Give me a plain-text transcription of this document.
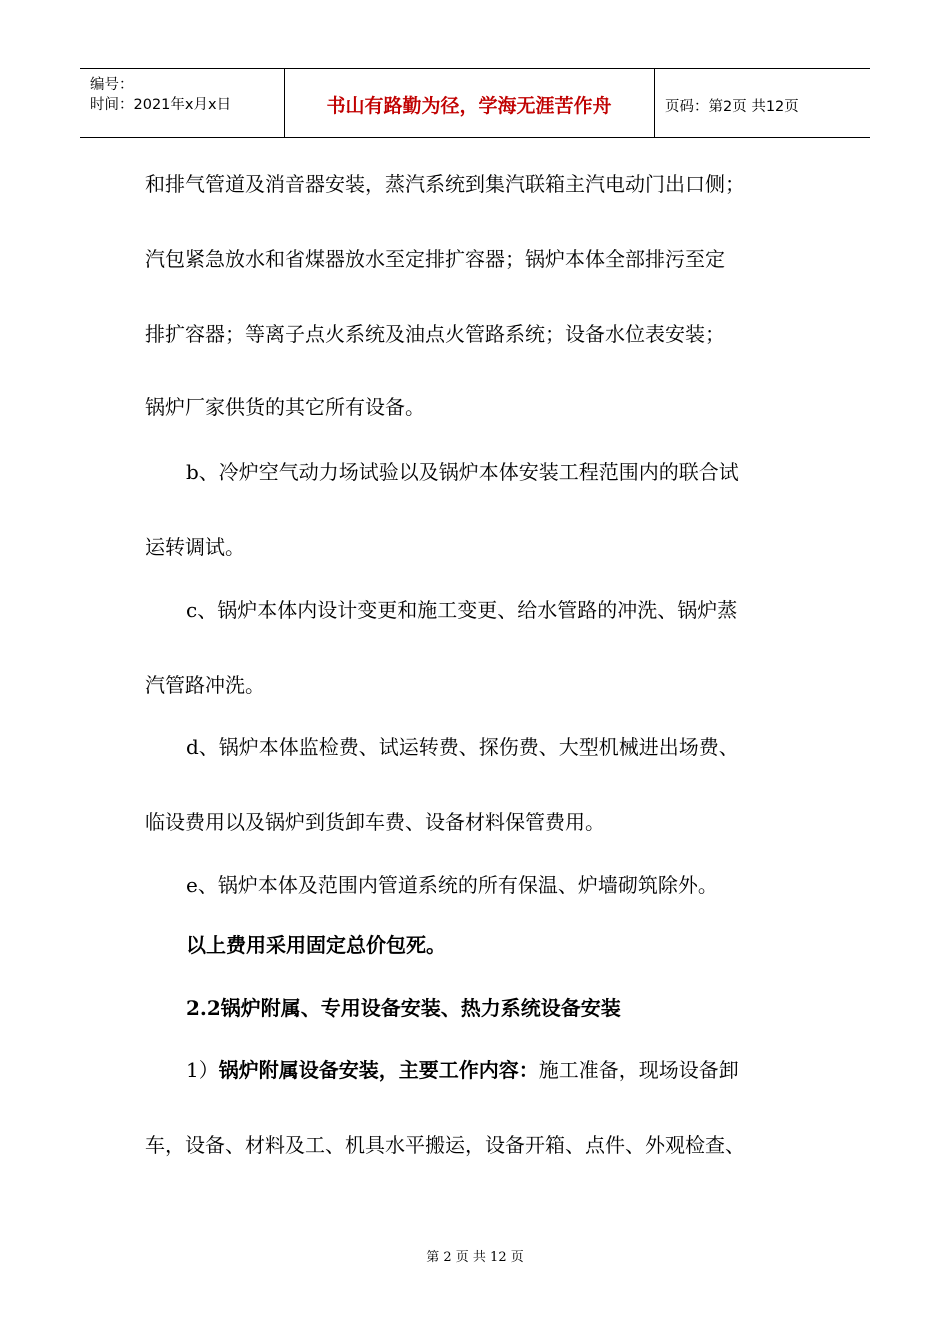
编号：
时间：2021年x月x日	书山有路勤为径，学海无涯苦作舟	页码：第2页 共12页
和排气管道及消音器安装，蒸汽系统到集汽联箱主汽电动门出口侧；
汽包紧急放水和省煤器放水至定排扩容器；锅炉本体全部排污至定
排扩容器；等离子点火系统及油点火管路系统；设备水位表安装；
锅炉厂家供货的其它所有设备。
b、冷炉空气动力场试验以及锅炉本体安装工程范围内的联合试
运转调试。
c、锅炉本体内设计变更和施工变更、给水管路的冲洗、锅炉蒸
汽管路冲洗。
d、锅炉本体监检费、试运转费、探伤费、大型机械进出场费、
临设费用以及锅炉到货卸车费、设备材料保管费用。
e、锅炉本体及范围内管道系统的所有保温、炉墙砌筑除外。
以上费用采用固定总价包死。
2.2锅炉附属、专用设备安装、热力系统设备安装
1）锅炉附属设备安装，主要工作内容：施工准备，现场设备卸
车，设备、材料及工、机具水平搬运，设备开箱、点件、外观检查、
第 2 页 共 12 页
